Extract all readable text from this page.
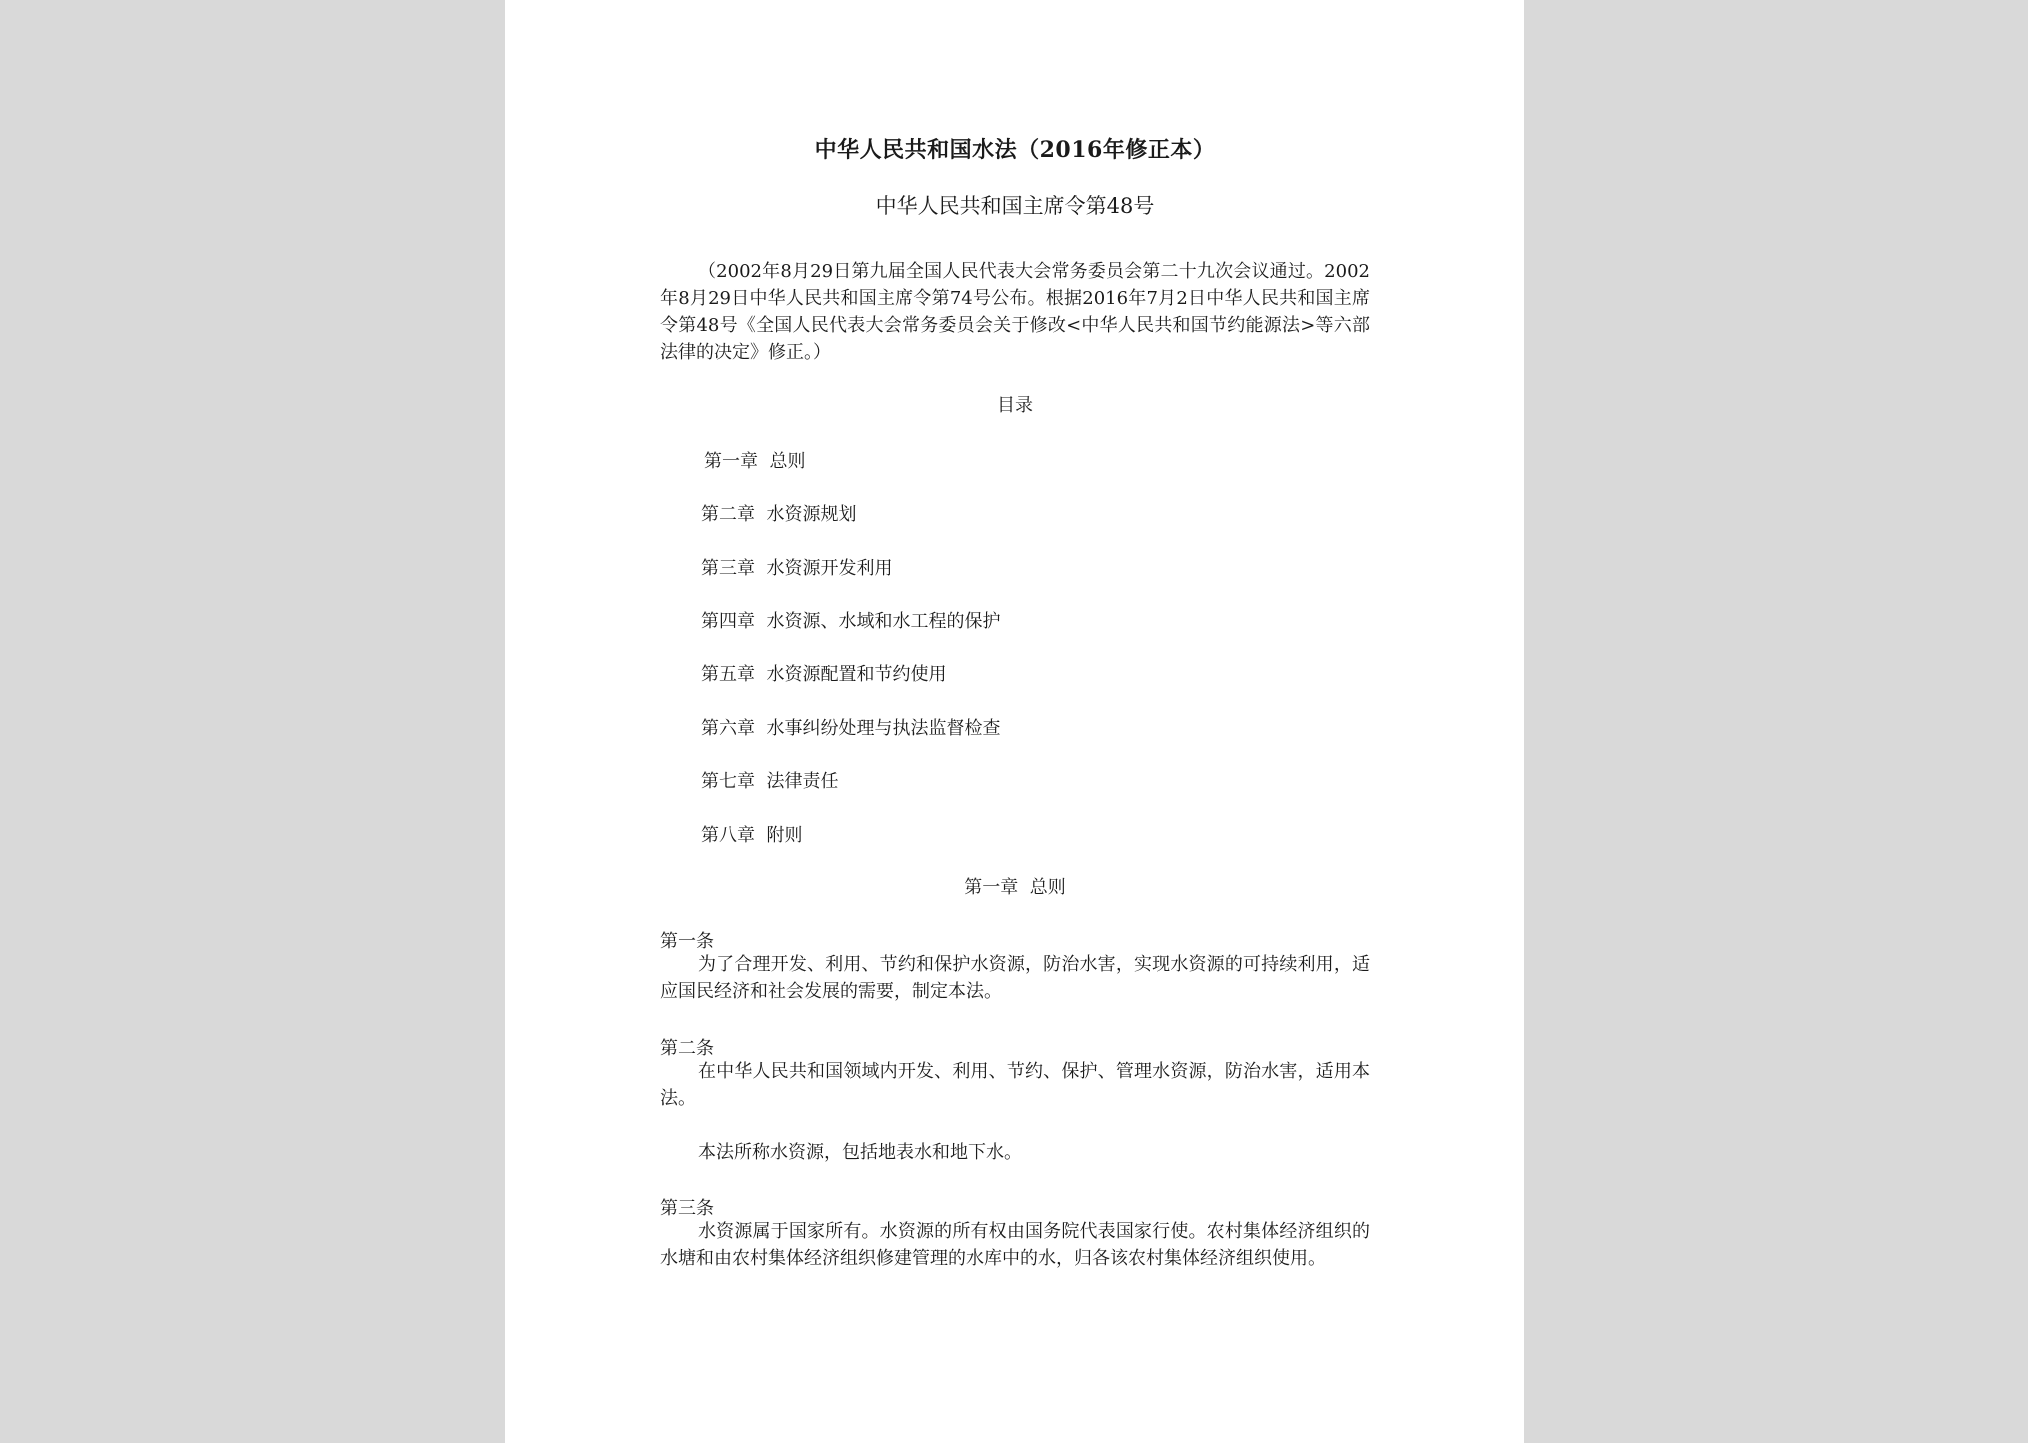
中华人民共和国水法（2016年修正本）
中华人民共和国主席令第48号
（2002年8月29日第九届全国人民代表大会常务委员会第二十九次会议通过。2002年8月29日中华人民共和国主席令第74号公布。根据2016年7月2日中华人民共和国主席令第48号《全国人民代表大会常务委员会关于修改<中华人民共和国节约能源法>等六部法律的决定》修正。）
目录
第一章  总则
第二章  水资源规划
第三章  水资源开发利用
第四章  水资源、水域和水工程的保护
第五章  水资源配置和节约使用
第六章  水事纠纷处理与执法监督检查
第七章  法律责任
第八章  附则
第一章  总则
第一条
为了合理开发、利用、节约和保护水资源，防治水害，实现水资源的可持续利用，适应国民经济和社会发展的需要，制定本法。
第二条
在中华人民共和国领域内开发、利用、节约、保护、管理水资源，防治水害，适用本法。
本法所称水资源，包括地表水和地下水。
第三条
水资源属于国家所有。水资源的所有权由国务院代表国家行使。农村集体经济组织的水塘和由农村集体经济组织修建管理的水库中的水，归各该农村集体经济组织使用。
